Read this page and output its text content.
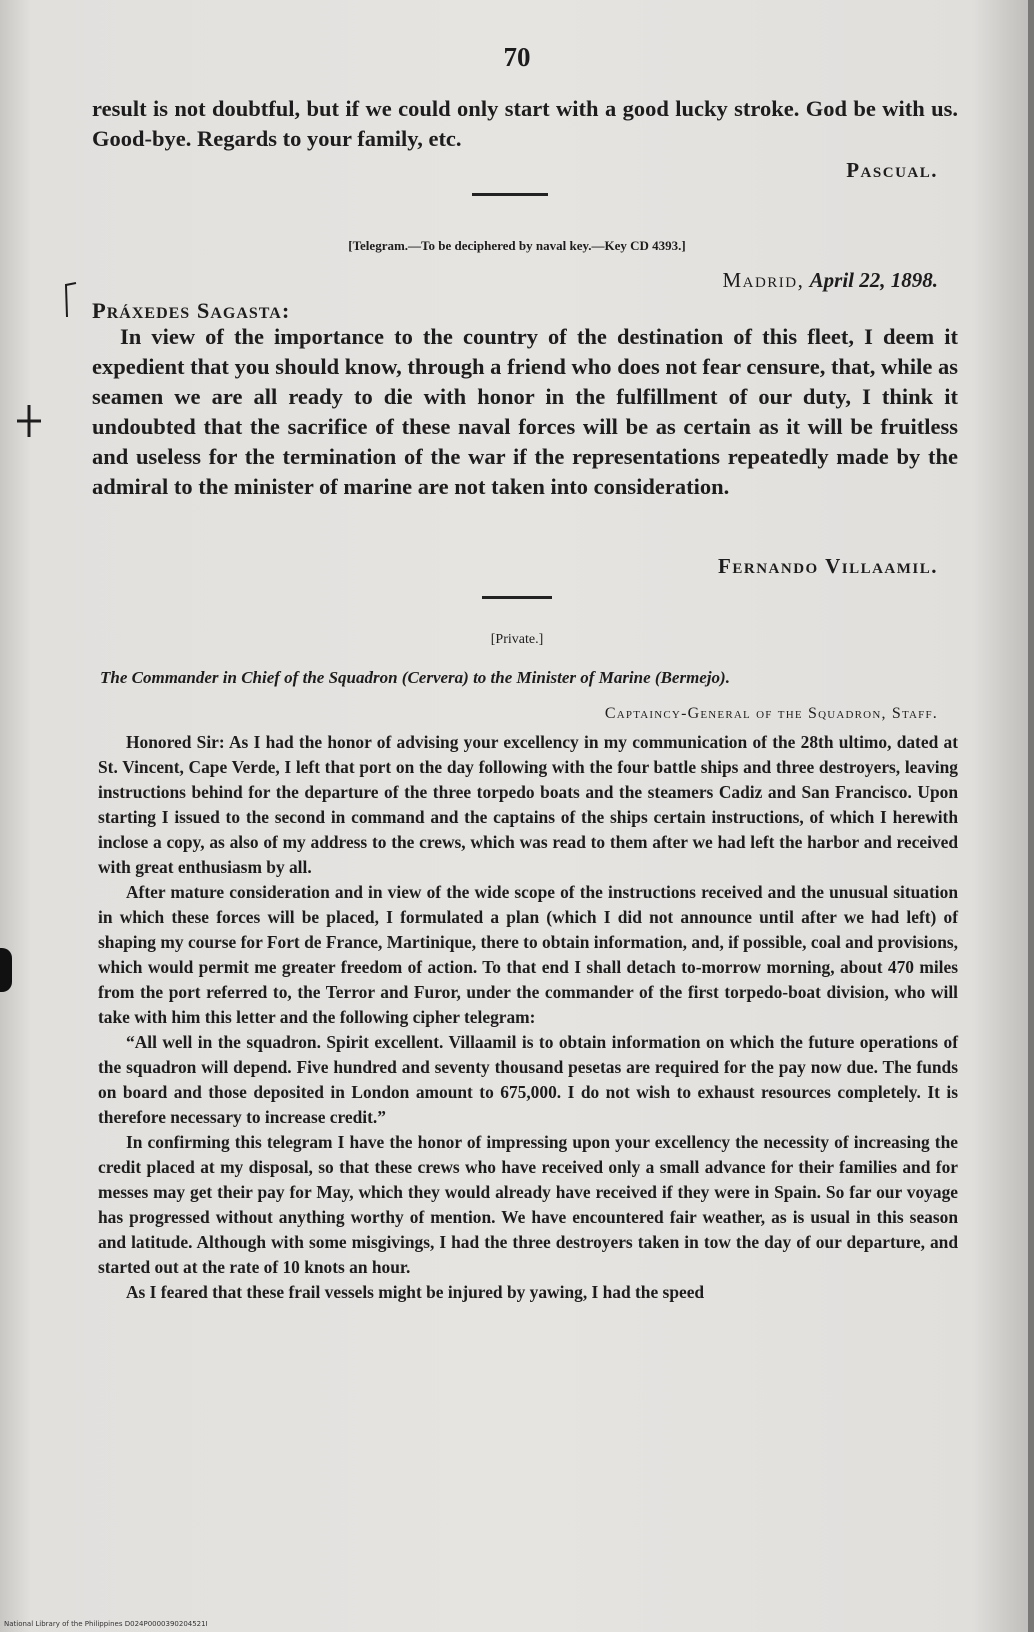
70
result is not doubtful, but if we could only start with a good lucky stroke. God be with us. Good-bye. Regards to your family, etc.
Pascual.
[Telegram.—To be deciphered by naval key.—Key CD 4393.]
Madrid, April 22, 1898.
Práxedes Sagasta:
In view of the importance to the country of the destination of this fleet, I deem it expedient that you should know, through a friend who does not fear censure, that, while as seamen we are all ready to die with honor in the fulfillment of our duty, I think it undoubted that the sacrifice of these naval forces will be as certain as it will be fruitless and useless for the termination of the war if the representations repeatedly made by the admiral to the minister of marine are not taken into consideration.
Fernando Villaamil.
[Private.]
The Commander in Chief of the Squadron (Cervera) to the Minister of Marine (Bermejo).
Captaincy-General of the Squadron, Staff.
Honored Sir: As I had the honor of advising your excellency in my communication of the 28th ultimo, dated at St. Vincent, Cape Verde, I left that port on the day following with the four battle ships and three destroyers, leaving instructions behind for the departure of the three torpedo boats and the steamers Cadiz and San Francisco. Upon starting I issued to the second in command and the captains of the ships certain instructions, of which I herewith inclose a copy, as also of my address to the crews, which was read to them after we had left the harbor and received with great enthusiasm by all.
After mature consideration and in view of the wide scope of the instructions received and the unusual situation in which these forces will be placed, I formulated a plan (which I did not announce until after we had left) of shaping my course for Fort de France, Martinique, there to obtain information, and, if possible, coal and provisions, which would permit me greater freedom of action. To that end I shall detach to-morrow morning, about 470 miles from the port referred to, the Terror and Furor, under the commander of the first torpedo-boat division, who will take with him this letter and the following cipher telegram:
“All well in the squadron. Spirit excellent. Villaamil is to obtain information on which the future operations of the squadron will depend. Five hundred and seventy thousand pesetas are required for the pay now due. The funds on board and those deposited in London amount to 675,000. I do not wish to exhaust resources completely. It is therefore necessary to increase credit.”
In confirming this telegram I have the honor of impressing upon your excellency the necessity of increasing the credit placed at my disposal, so that these crews who have received only a small advance for their families and for messes may get their pay for May, which they would already have received if they were in Spain. So far our voyage has progressed without anything worthy of mention. We have encountered fair weather, as is usual in this season and latitude. Although with some misgivings, I had the three destroyers taken in tow the day of our departure, and started out at the rate of 10 knots an hour.
As I feared that these frail vessels might be injured by yawing, I had the speed
National Library of the Philippines D024P0000390204521I
